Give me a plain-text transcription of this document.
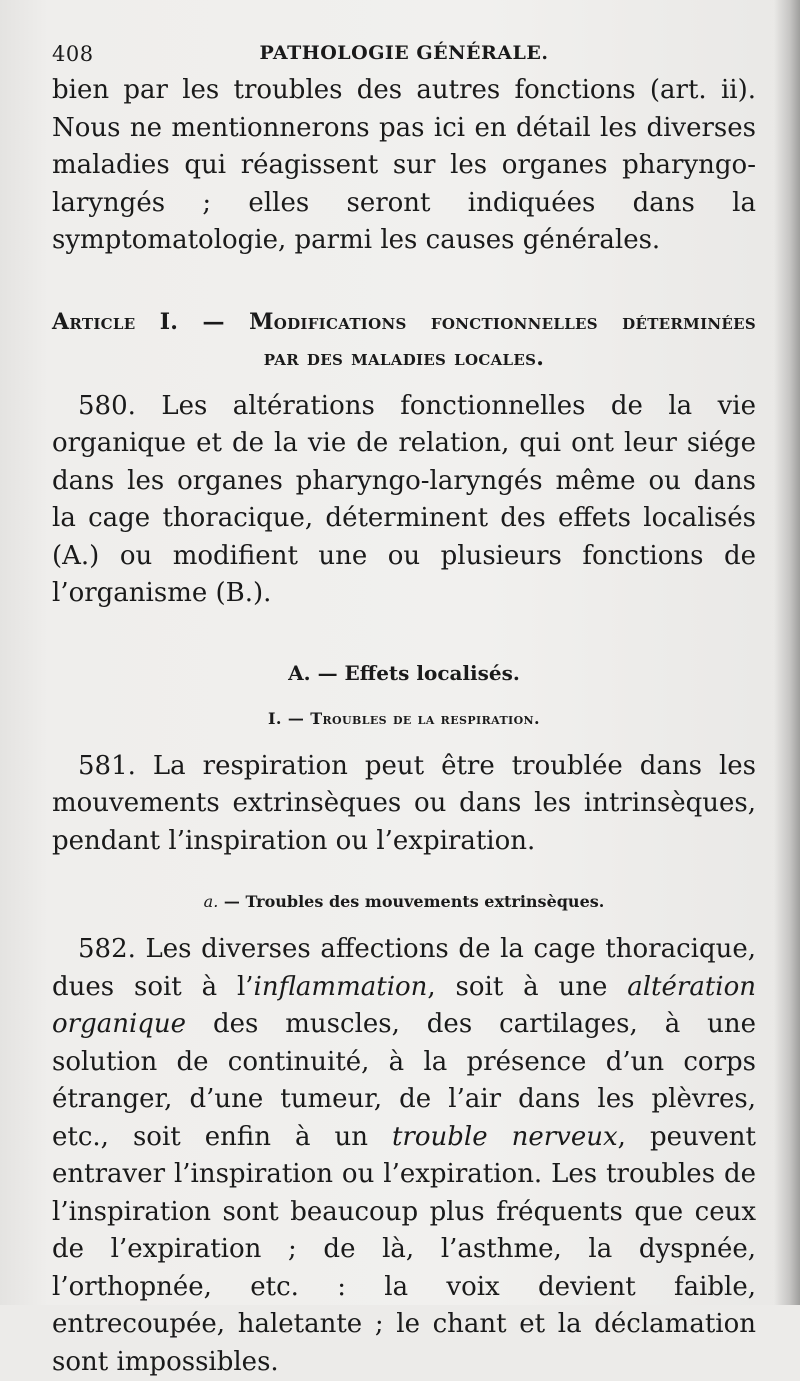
408	PATHOLOGIE GÉNÉRALE.

bien par les troubles des autres fonctions (art. ii). Nous ne mentionnerons pas ici en détail les diverses maladies qui réagissent sur les organes pharyngo-laryngés ; elles seront indiquées dans la symptomatologie, parmi les causes générales.

Article I. — Modifications fonctionnelles déterminées
par des maladies locales.

580. Les altérations fonctionnelles de la vie organique et de la vie de relation, qui ont leur siége dans les organes pharyngo-laryngés même ou dans la cage thoracique, déterminent des effets localisés (A.) ou modifient une ou plusieurs fonctions de l’organisme (B.).

A. — Effets localisés.
I. — Troubles de la respiration.

581. La respiration peut être troublée dans les mouvements extrinsèques ou dans les intrinsèques, pendant l’inspiration ou l’expiration.

a. — Troubles des mouvements extrinsèques.

582. Les diverses affections de la cage thoracique, dues soit à l’inflammation, soit à une altération organique des muscles, des cartilages, à une solution de continuité, à la présence d’un corps étranger, d’une tumeur, de l’air dans les plèvres, etc., soit enfin à un trouble nerveux, peuvent entraver l’inspiration ou l’expiration. Les troubles de l’inspiration sont beaucoup plus fréquents que ceux de l’expiration ; de là, l’asthme, la dyspnée, l’orthopnée, etc. : la voix devient faible, entrecoupée, haletante ; le chant et la déclamation sont impossibles.
